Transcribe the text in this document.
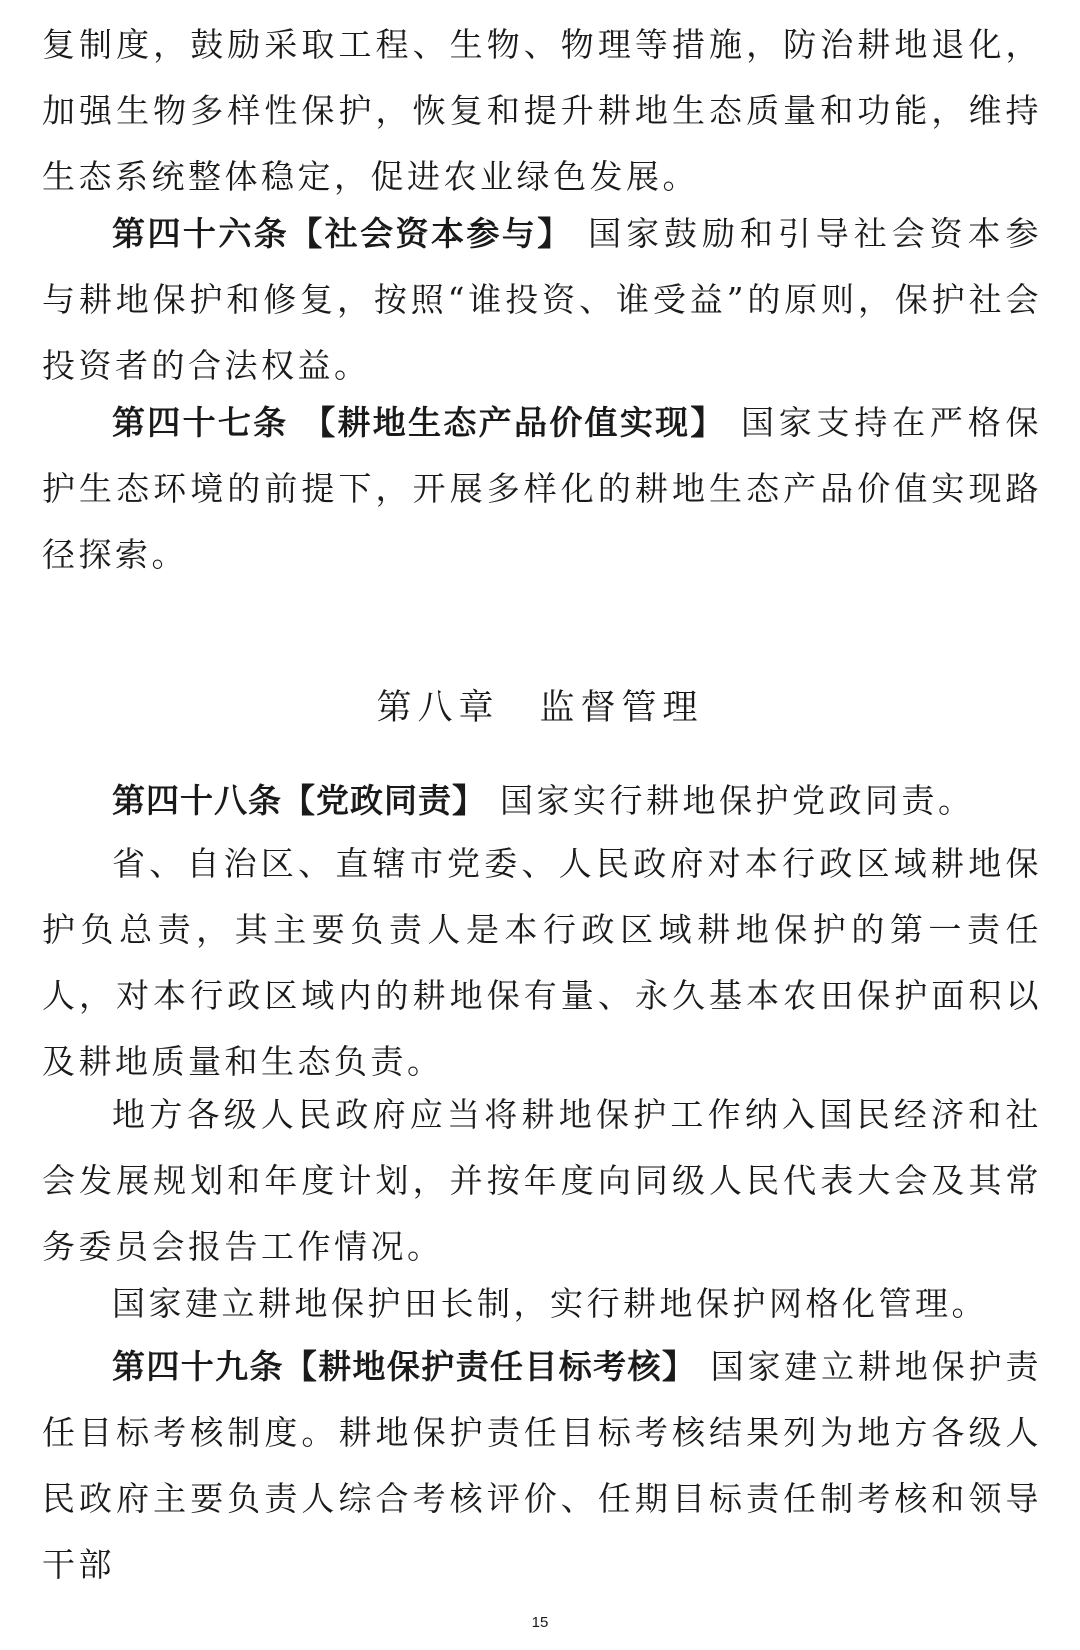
复制度，鼓励采取工程、生物、物理等措施，防治耕地退化，加强生物多样性保护，恢复和提升耕地生态质量和功能，维持生态系统整体稳定，促进农业绿色发展。

第四十六条【社会资本参与】 国家鼓励和引导社会资本参与耕地保护和修复，按照“谁投资、谁受益”的原则，保护社会投资者的合法权益。

第四十七条 【耕地生态产品价值实现】 国家支持在严格保护生态环境的前提下，开展多样化的耕地生态产品价值实现路径探索。

第八章 监督管理

第四十八条【党政同责】 国家实行耕地保护党政同责。

省、自治区、直辖市党委、人民政府对本行政区域耕地保护负总责，其主要负责人是本行政区域耕地保护的第一责任人，对本行政区域内的耕地保有量、永久基本农田保护面积以及耕地质量和生态负责。

地方各级人民政府应当将耕地保护工作纳入国民经济和社会发展规划和年度计划，并按年度向同级人民代表大会及其常务委员会报告工作情况。

国家建立耕地保护田长制，实行耕地保护网格化管理。

第四十九条【耕地保护责任目标考核】 国家建立耕地保护责任目标考核制度。耕地保护责任目标考核结果列为地方各级人民政府主要负责人综合考核评价、任期目标责任制考核和领导干部

15
